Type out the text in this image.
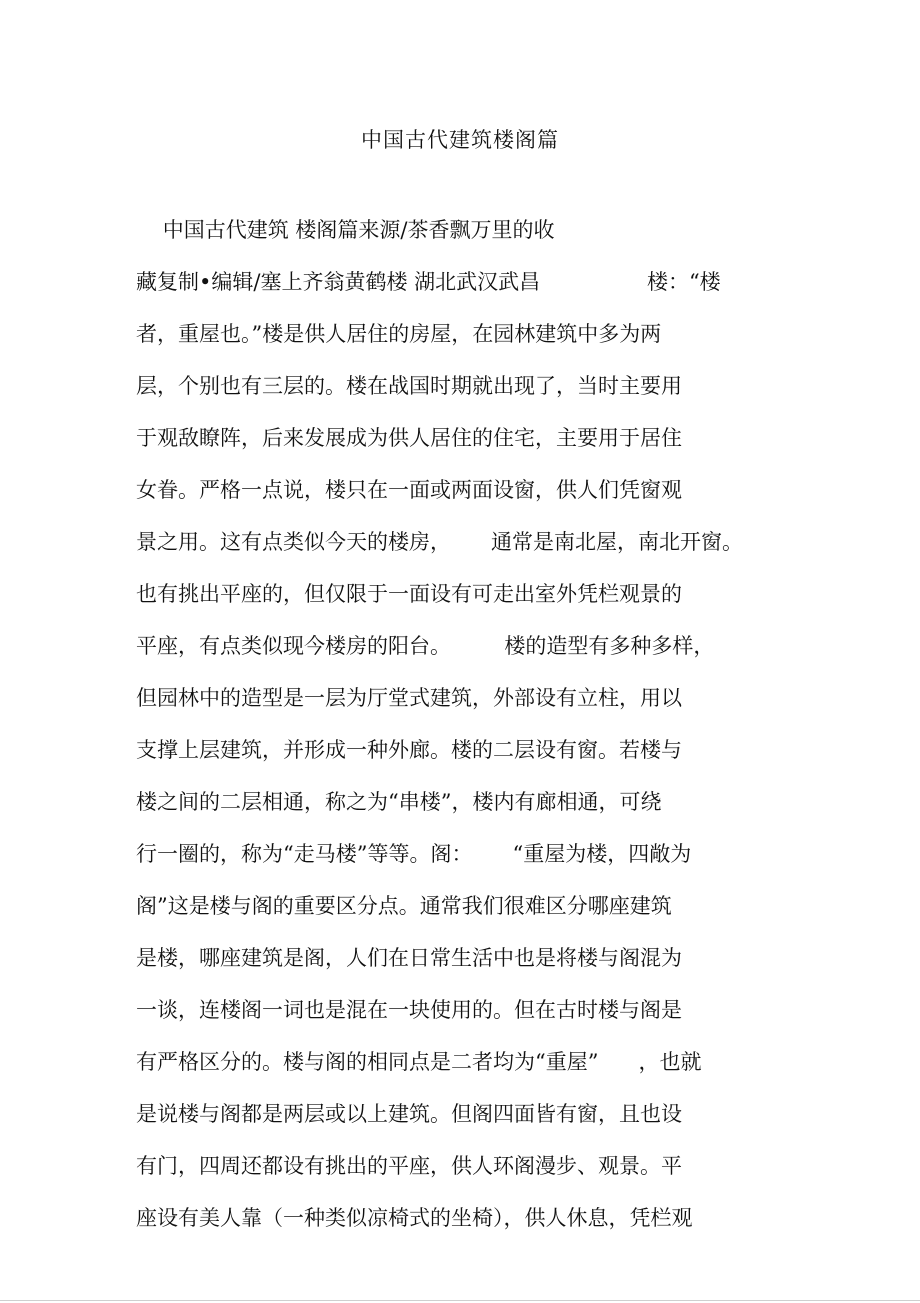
中国古代建筑楼阁篇
中国古代建筑 楼阁篇来源/茶香飘万里的收
藏复制•编辑/塞上齐翁黄鹤楼 湖北武汉武昌                楼：“楼
者，重屋也。”楼是供人居住的房屋，在园林建筑中多为两
层，个别也有三层的。楼在战国时期就出现了，当时主要用
于观敌瞭阵，后来发展成为供人居住的住宅，主要用于居住
女眷。严格一点说，楼只在一面或两面设窗，供人们凭窗观
景之用。这有点类似今天的楼房，      通常是南北屋，南北开窗。
也有挑出平座的，但仅限于一面设有可走出室外凭栏观景的
平座，有点类似现今楼房的阳台。        楼的造型有多种多样，
但园林中的造型是一层为厅堂式建筑，外部设有立柱，用以
支撑上层建筑，并形成一种外廊。楼的二层设有窗。若楼与
楼之间的二层相通，称之为“串楼”，楼内有廊相通，可绕
行一圈的，称为“走马楼”等等。阁：      “重屋为楼，四敞为
阁”这是楼与阁的重要区分点。通常我们很难区分哪座建筑
是楼，哪座建筑是阁，人们在日常生活中也是将楼与阁混为
一谈，连楼阁一词也是混在一块使用的。但在古时楼与阁是
有严格区分的。楼与阁的相同点是二者均为“重屋”      ，也就
是说楼与阁都是两层或以上建筑。但阁四面皆有窗，且也设
有门，四周还都设有挑出的平座，供人环阁漫步、观景。平
座设有美人靠（一种类似凉椅式的坐椅），供人休息，凭栏观
